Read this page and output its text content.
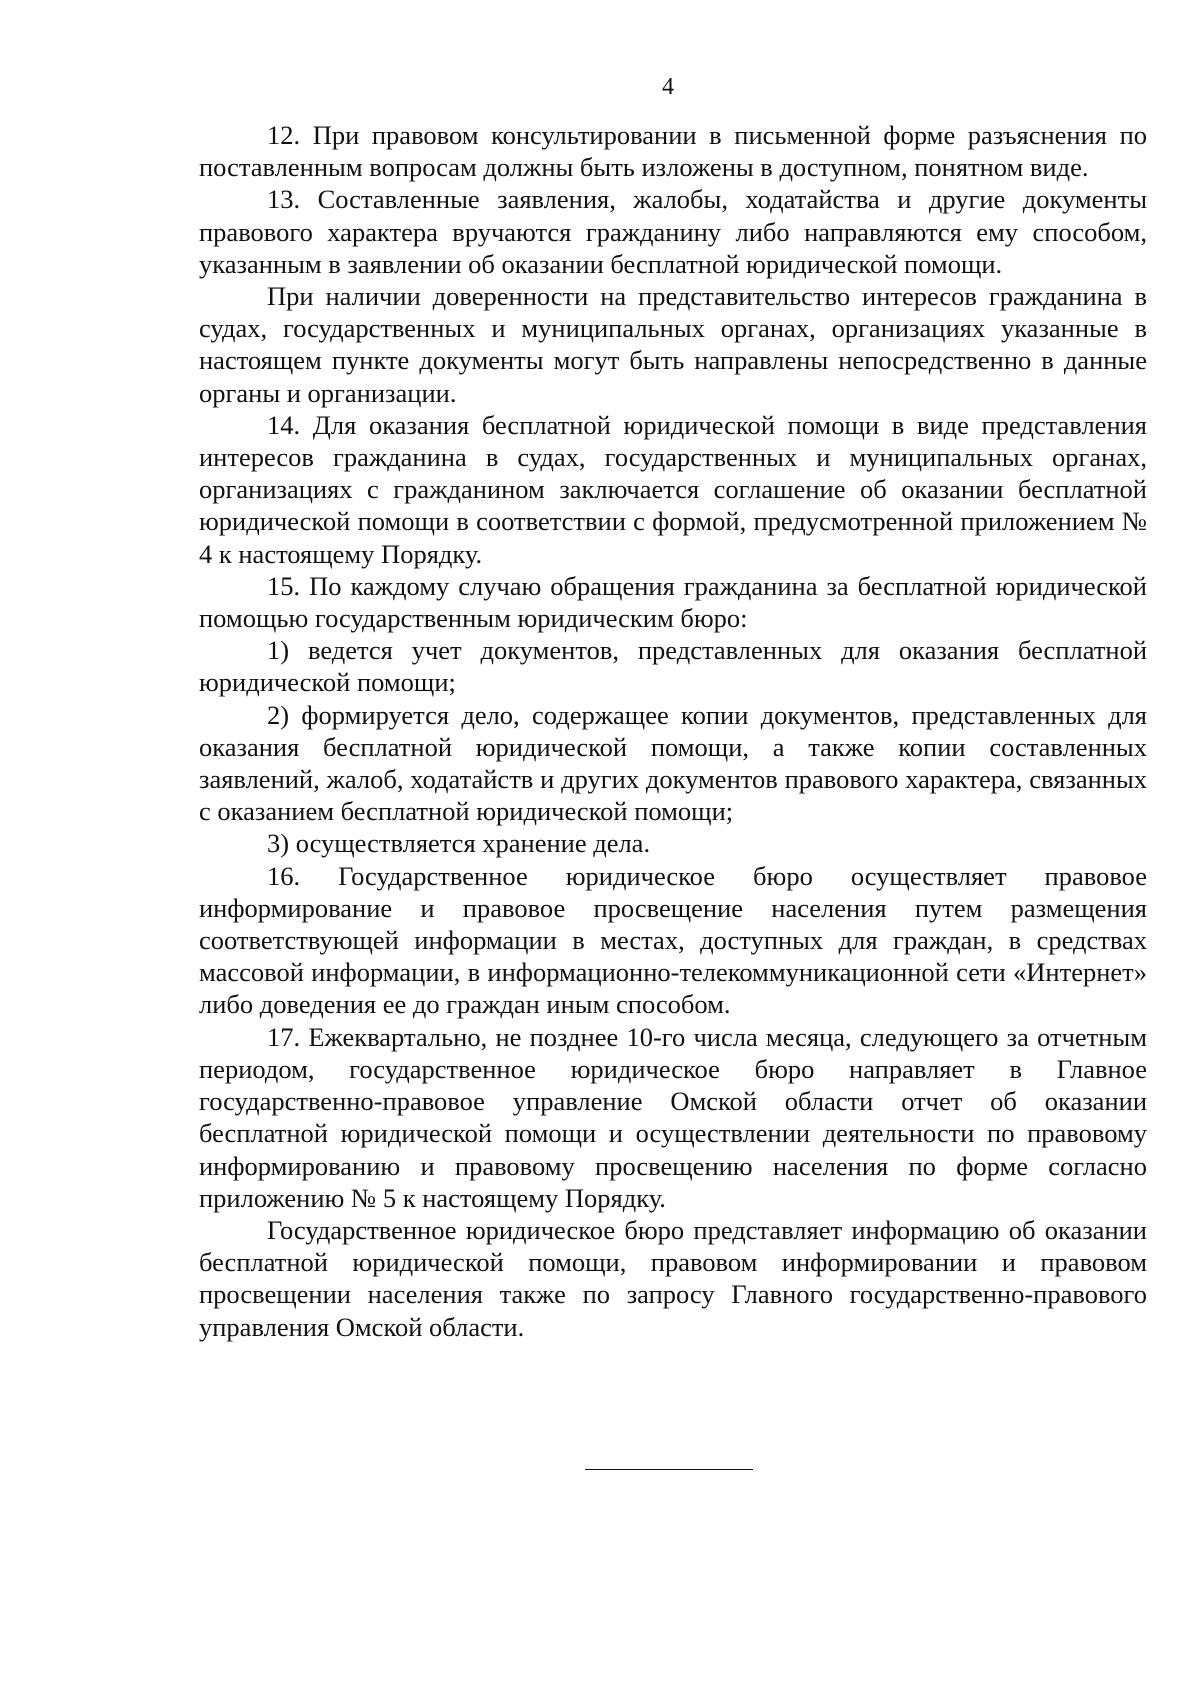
4

12. При правовом консультировании в письменной форме разъяснения по поставленным вопросам должны быть изложены в доступном, понятном виде.

13. Составленные заявления, жалобы, ходатайства и другие документы правового характера вручаются гражданину либо направляются ему способом, указанным в заявлении об оказании бесплатной юридической помощи.

При наличии доверенности на представительство интересов гражданина в судах, государственных и муниципальных органах, организациях указанные в настоящем пункте документы могут быть направлены непосредственно в данные органы и организации.

14. Для оказания бесплатной юридической помощи в виде представления интересов гражданина в судах, государственных и муниципальных органах, организациях с гражданином заключается соглашение об оказании бесплатной юридической помощи в соответствии с формой, предусмотренной приложением № 4 к настоящему Порядку.

15. По каждому случаю обращения гражданина за бесплатной юридической помощью государственным юридическим бюро:

1) ведется учет документов, представленных для оказания бесплатной юридической помощи;

2) формируется дело, содержащее копии документов, представленных для оказания бесплатной юридической помощи, а также копии составленных заявлений, жалоб, ходатайств и других документов правового характера, связанных с оказанием бесплатной юридической помощи;

3) осуществляется хранение дела.

16. Государственное юридическое бюро осуществляет правовое информирование и правовое просвещение населения путем размещения соответствующей информации в местах, доступных для граждан, в средствах массовой информации, в информационно-телекоммуникационной сети «Интернет» либо доведения ее до граждан иным способом.

17. Ежеквартально, не позднее 10-го числа месяца, следующего за отчетным периодом, государственное юридическое бюро направляет в Главное государственно-правовое управление Омской области отчет об оказании бесплатной юридической помощи и осуществлении деятельности по правовому информированию и правовому просвещению населения по форме согласно приложению № 5 к настоящему Порядку.

Государственное юридическое бюро представляет информацию об оказании бесплатной юридической помощи, правовом информировании и правовом просвещении населения также по запросу Главного государственно-правового управления Омской области.
